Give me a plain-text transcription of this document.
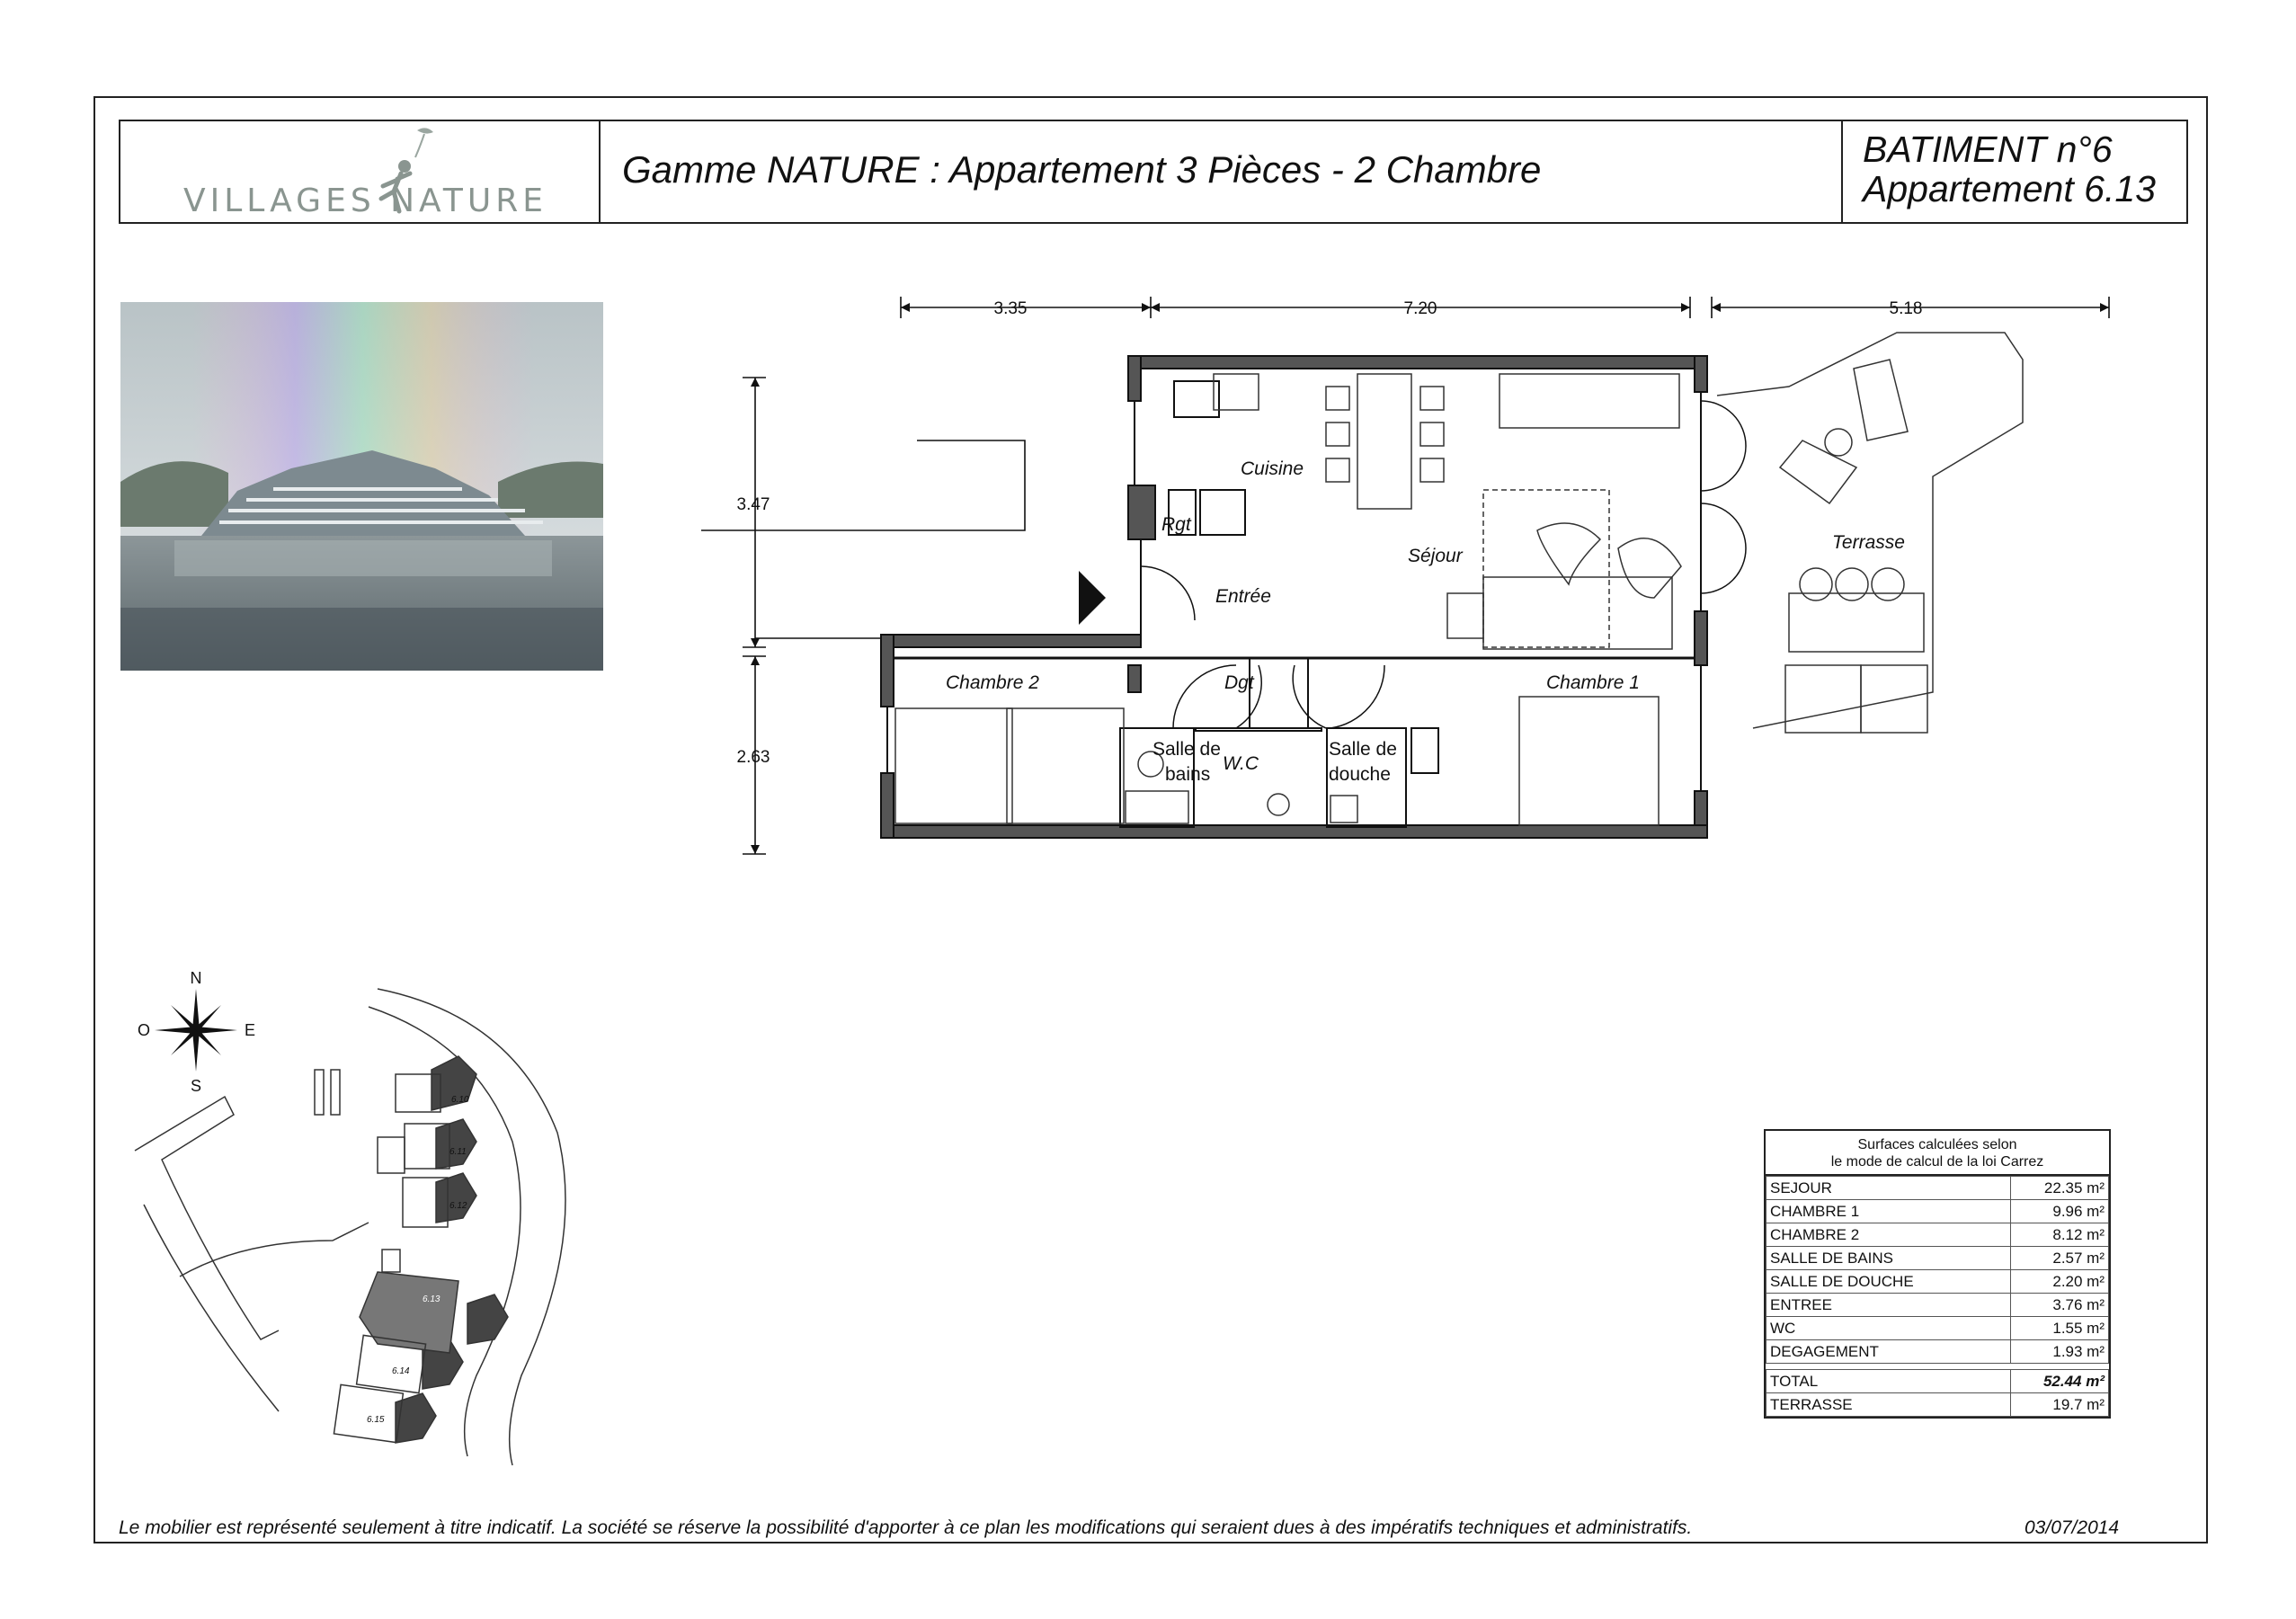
VILLAGES NATURE
Gamme NATURE : Appartement 3 Pièces - 2 Chambre	BATIMENT n°6
Appartement 6.13
3.35	7.20	5.18
3.47
2.63
Cuisine
Rgt
Séjour
Entrée
Terrasse
Chambre 2	Chambre 1
Dgt
W.C
Salle de
bains
Salle de
douche
N
S
E
O
6.10
6.11
6.12
6.13
6.14
6.15
Surfaces calculées selon
le mode de calcul de la loi Carrez
SEJOUR	22.35 m²
CHAMBRE 1	9.96 m²
CHAMBRE 2	8.12 m²
SALLE DE BAINS	2.57 m²
SALLE DE DOUCHE	2.20 m²
ENTREE	3.76 m²
WC	1.55 m²
DEGAGEMENT	1.93 m²

TOTAL	52.44 m²
TERRASSE	19.7 m²
Le mobilier est représenté seulement à titre indicatif. La société se réserve la possibilité d'apporter à ce plan les modifications qui seraient dues à des impératifs techniques et administratifs.	03/07/2014
